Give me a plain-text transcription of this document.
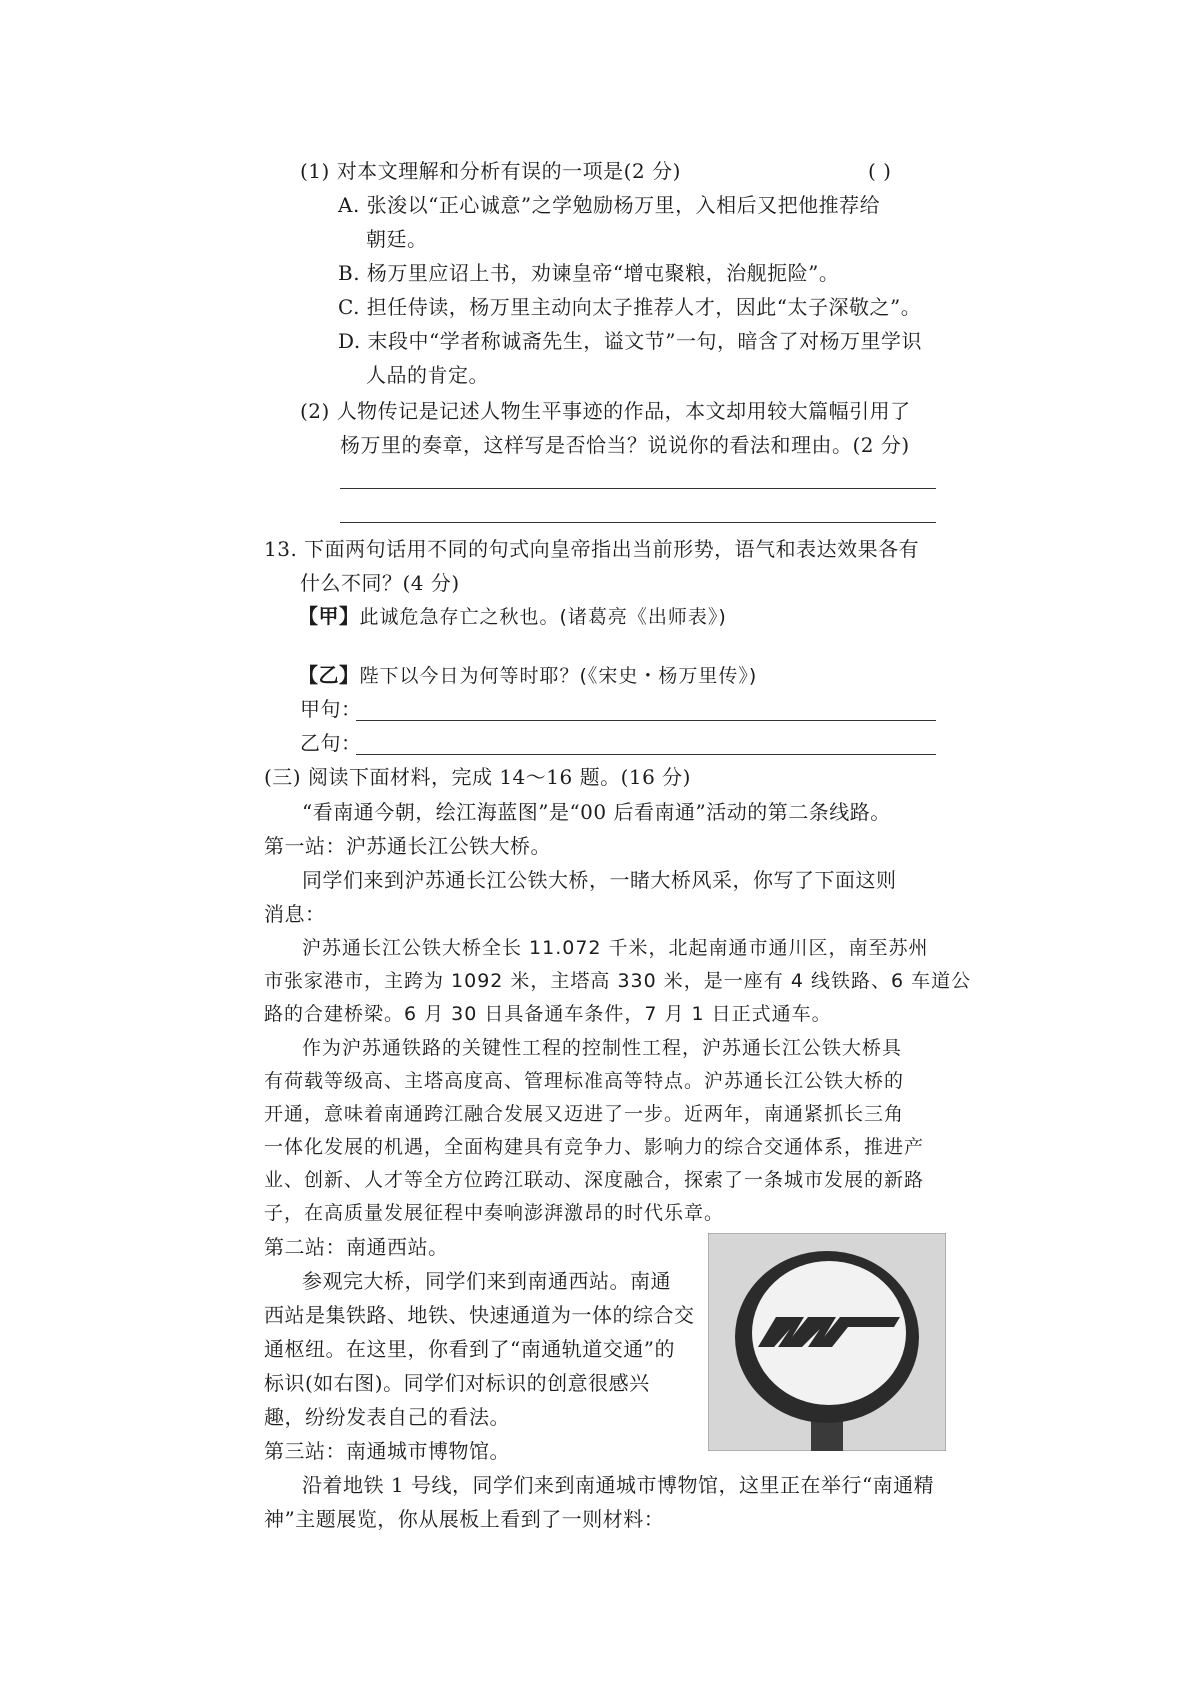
(1) 对本文理解和分析有误的一项是(2 分)	( )
A. 张浚以“正心诚意”之学勉励杨万里，入相后又把他推荐给
朝廷。
B. 杨万里应诏上书，劝谏皇帝“增屯聚粮，治舰扼险”。
C. 担任侍读，杨万里主动向太子推荐人才，因此“太子深敬之”。
D. 末段中“学者称诚斋先生，谥文节”一句，暗含了对杨万里学识
人品的肯定。
(2) 人物传记是记述人物生平事迹的作品，本文却用较大篇幅引用了
杨万里的奏章，这样写是否恰当？说说你的看法和理由。(2 分)
13. 下面两句话用不同的句式向皇帝指出当前形势，语气和表达效果各有
什么不同？(4 分)
【甲】此诚危急存亡之秋也。(诸葛亮《出师表》)
【乙】陛下以今日为何等时耶？(《宋史・杨万里传》)
甲句：
乙句：
(三) 阅读下面材料，完成 14～16 题。(16 分)
“看南通今朝，绘江海蓝图”是“00 后看南通”活动的第二条线路。
第一站：沪苏通长江公铁大桥。
同学们来到沪苏通长江公铁大桥，一睹大桥风采，你写了下面这则
消息：
沪苏通长江公铁大桥全长 11.072 千米，北起南通市通川区，南至苏州
市张家港市，主跨为 1092 米，主塔高 330 米，是一座有 4 线铁路、6 车道公
路的合建桥梁。6 月 30 日具备通车条件，7 月 1 日正式通车。
作为沪苏通铁路的关键性工程的控制性工程，沪苏通长江公铁大桥具
有荷载等级高、主塔高度高、管理标准高等特点。沪苏通长江公铁大桥的
开通，意味着南通跨江融合发展又迈进了一步。近两年，南通紧抓长三角
一体化发展的机遇，全面构建具有竞争力、影响力的综合交通体系，推进产
业、创新、人才等全方位跨江联动、深度融合，探索了一条城市发展的新路
子，在高质量发展征程中奏响澎湃激昂的时代乐章。
第二站：南通西站。
参观完大桥，同学们来到南通西站。南通
西站是集铁路、地铁、快速通道为一体的综合交
通枢纽。在这里，你看到了“南通轨道交通”的
标识(如右图)。同学们对标识的创意很感兴
趣，纷纷发表自己的看法。
第三站：南通城市博物馆。
沿着地铁 1 号线，同学们来到南通城市博物馆，这里正在举行“南通精
神”主题展览，你从展板上看到了一则材料：
